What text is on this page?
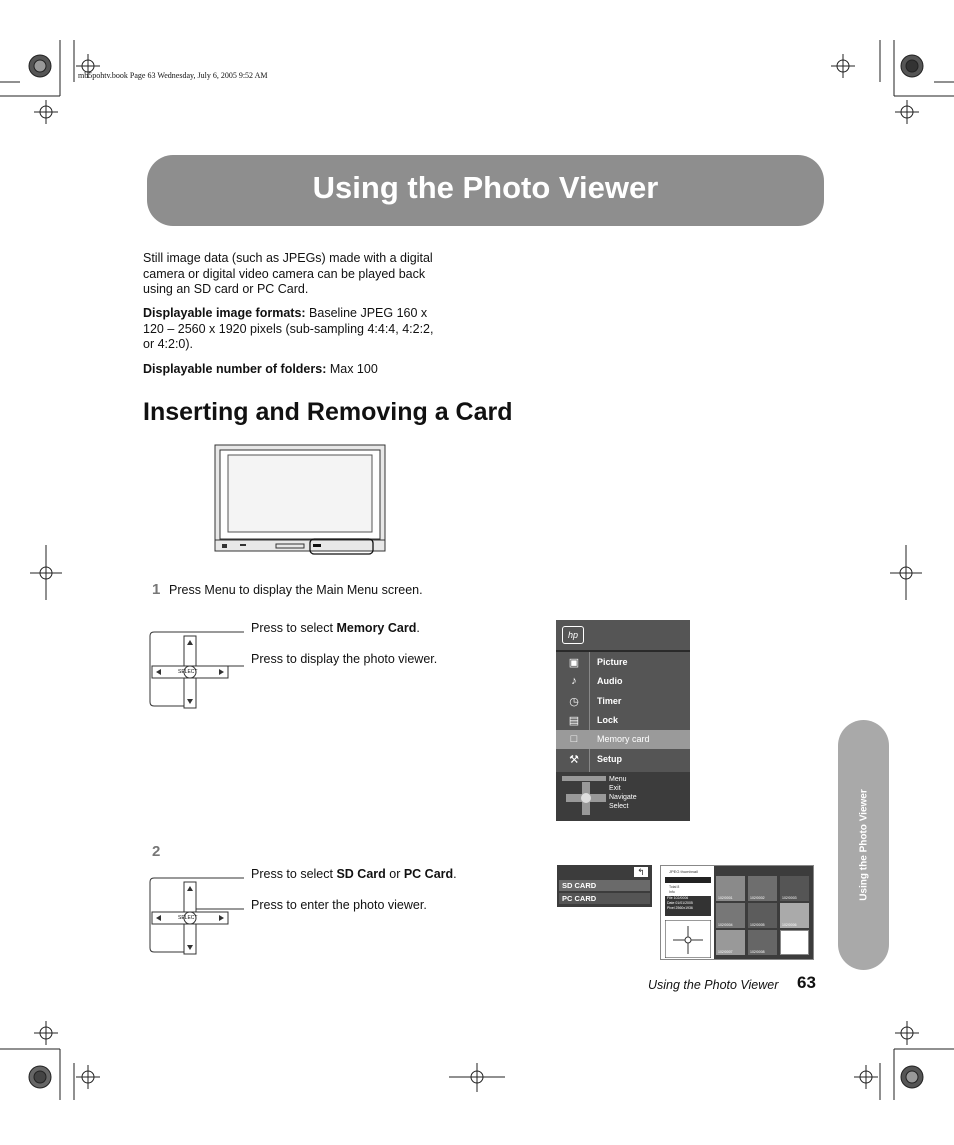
mb5pohtv.book Page 63 Wednesday, July 6, 2005 9:52 AM
Using the Photo Viewer
Still image data (such as JPEGs) made with a digital
camera or digital video camera can be played back
using an SD card or PC Card.
Displayable image formats: Baseline JPEG 160 x
120 – 2560 x 1920 pixels (sub-sampling 4:4:4, 4:2:2,
or 4:2:0).
Displayable number of folders: Max 100
Inserting and Removing a Card
1 Press Menu to display the Main Menu screen.
SELECT
Press to select Memory Card.
Press to display the photo viewer.
hp
▣	Picture
♪	Audio
◷	Timer
▤	Lock
□	Memory card
⚒	Setup
Menu
Exit
Navigate
Select
2
SELECT
Press to select SD Card or PC Card.
Press to enter the photo viewer.
↰
SD CARD
PC CARD
JPEG thumbnail
Total 8
Info
File 102/0006
Date 01/01/2005
Pixel 2560x1936
102/0001	102/0002	102/0003
102/0004	102/0005	102/0006
102/0007	102/0008
Using the Photo Viewer
Using the Photo Viewer 63
